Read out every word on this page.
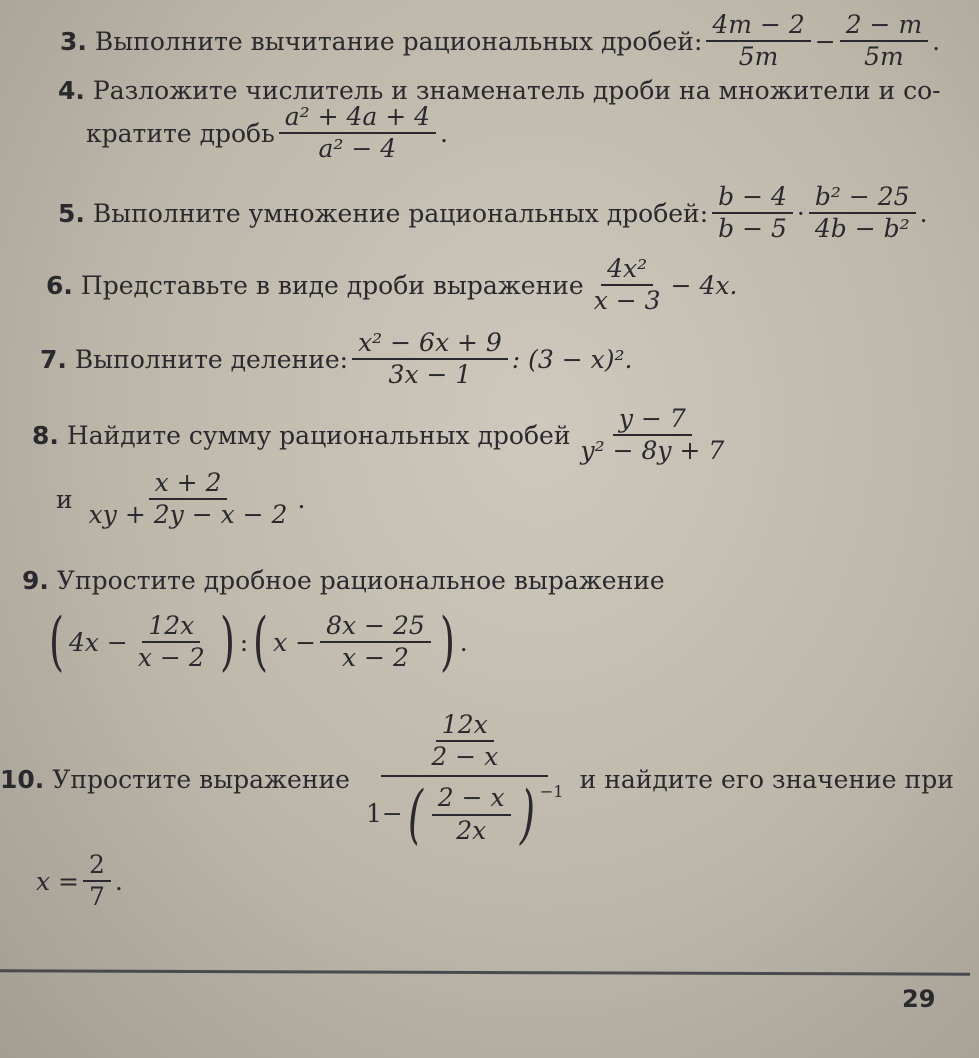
3. Выполните вычитание рациональных дробей: $\frac{4m - 2}{5m} - \frac{2 - m}{5m}$ .
4. Разложите числитель и знаменатель дроби на множители и со-
кратите дробь $\frac{\text{a² + 4a + 4}}{\text{a² − 4}}$ .
5. Выполните умножение рациональных дробей: $\frac{b - 4}{b - 5} \cdot \frac{\text{b² − 25}}{\text{4b − b²}}$ .
6. Представьте в виде дроби выражение $\frac{\text{4x²}}{x - 3} - 4x$.
7. Выполните деление: $\frac{\text{x² − 6x + 9}}{3x - 1}$ : (3 − x)².
8. Найдите сумму рациональных дробей $\frac{y - 7}{\text{y² − 8y + 7}}$
и $\frac{x + 2}{xy + 2y - x - 2}$ .
9. Упростите дробное рациональное выражение
( $4x - \frac{12x}{x - 2}$ ) : ( $x - \frac{8x - 25}{x - 2}$ ) .
10. Упростите выражение
$\frac{12x}{2 - x}$
1− ( $\frac{2 - x}{2x}$ ) $^{-1}$ и найдите его значение при
$x = \frac{2}{7}$ .
29
